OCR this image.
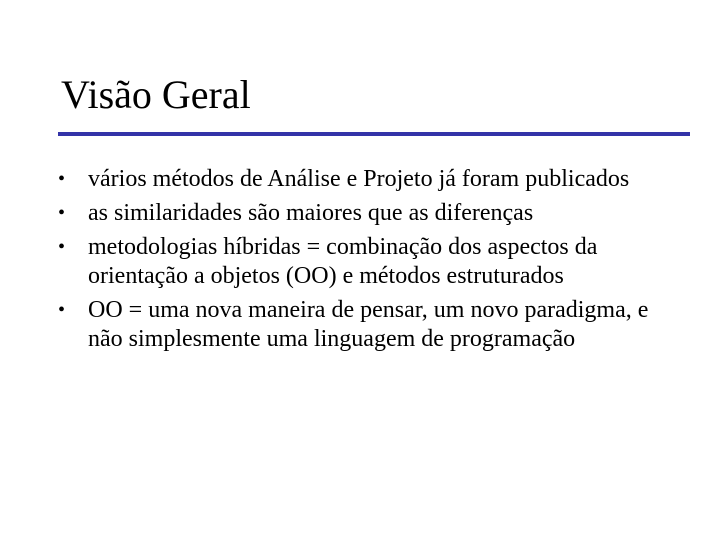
Visão Geral
• vários métodos de Análise e Projeto já foram publicados
• as similaridades são maiores que as diferenças
• metodologias híbridas = combinação dos aspectos da orientação a objetos (OO) e métodos estruturados
• OO = uma nova maneira de pensar, um novo paradigma, e não simplesmente uma linguagem de programação
